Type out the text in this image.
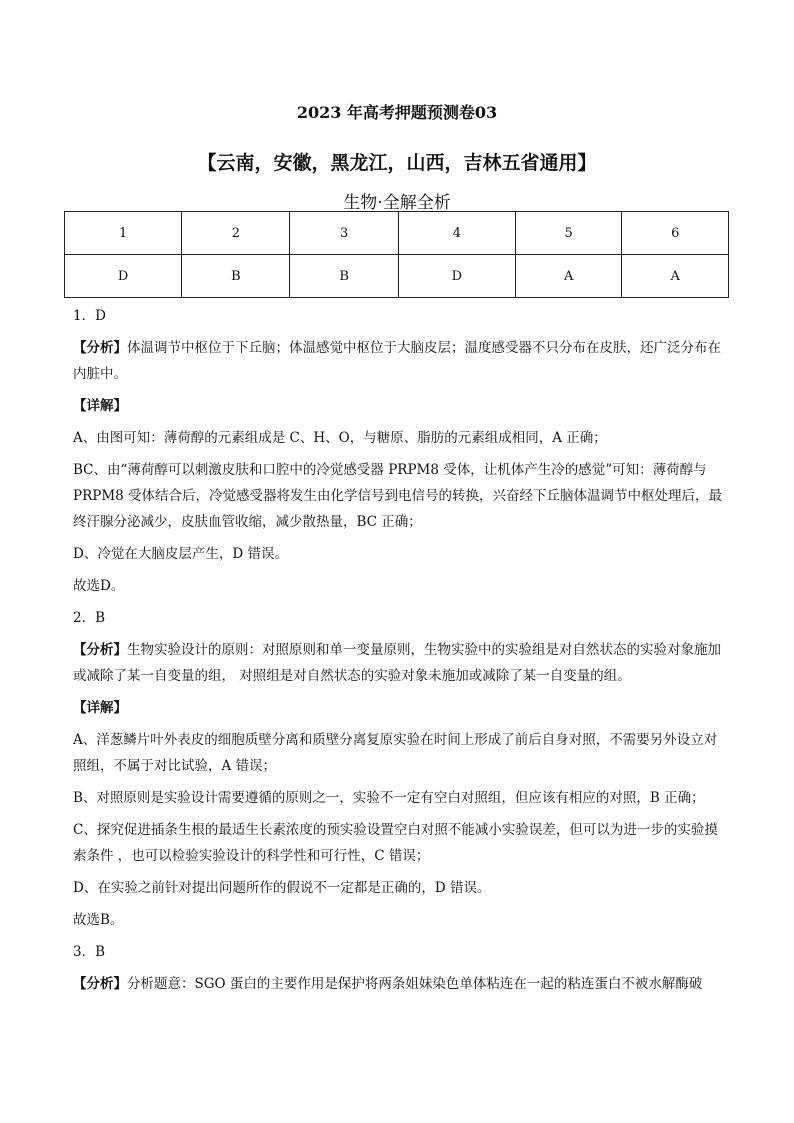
2023 年高考押题预测卷03
【云南，安徽，黑龙江，山西，吉林五省通用】
生物·全解全析
1	2	3	4	5	6
D	B	B	D	A	A

1．D

【分析】体温调节中枢位于下丘脑；体温感觉中枢位于大脑皮层；温度感受器不只分布在皮肤，还广泛分布在内脏中。

【详解】

A、由图可知：薄荷醇的元素组成是 C、H、O，与糖原、脂肪的元素组成相同，A 正确；

BC、由“薄荷醇可以刺激皮肤和口腔中的冷觉感受器 PRPM8 受体，让机体产生冷的感觉”可知：薄荷醇与 PRPM8 受体结合后，冷觉感受器将发生由化学信号到电信号的转换，兴奋经下丘脑体温调节中枢处理后，最终汗腺分泌减少，皮肤血管收缩，减少散热量，BC 正确；

D、冷觉在大脑皮层产生，D 错误。

故选D。

2．B

【分析】生物实验设计的原则：对照原则和单一变量原则，生物实验中的实验组是对自然状态的实验对象施加或减除了某一自变量的组， 对照组是对自然状态的实验对象未施加或减除了某一自变量的组。

【详解】

A、洋葱鳞片叶外表皮的细胞质壁分离和质壁分离复原实验在时间上形成了前后自身对照，不需要另外设立对照组，不属于对比试验，A 错误；

B、对照原则是实验设计需要遵循的原则之一，实验不一定有空白对照组，但应该有相应的对照，B 正确；

C、探究促进插条生根的最适生长素浓度的预实验设置空白对照不能减小实验误差，但可以为进一步的实验摸索条件 ，也可以检验实验设计的科学性和可行性，C 错误；

D、在实验之前针对提出问题所作的假说不一定都是正确的，D 错误。

故选B。

3．B

【分析】分析题意：SGO 蛋白的主要作用是保护将两条姐妹染色单体粘连在一起的粘连蛋白不被水解酶破
